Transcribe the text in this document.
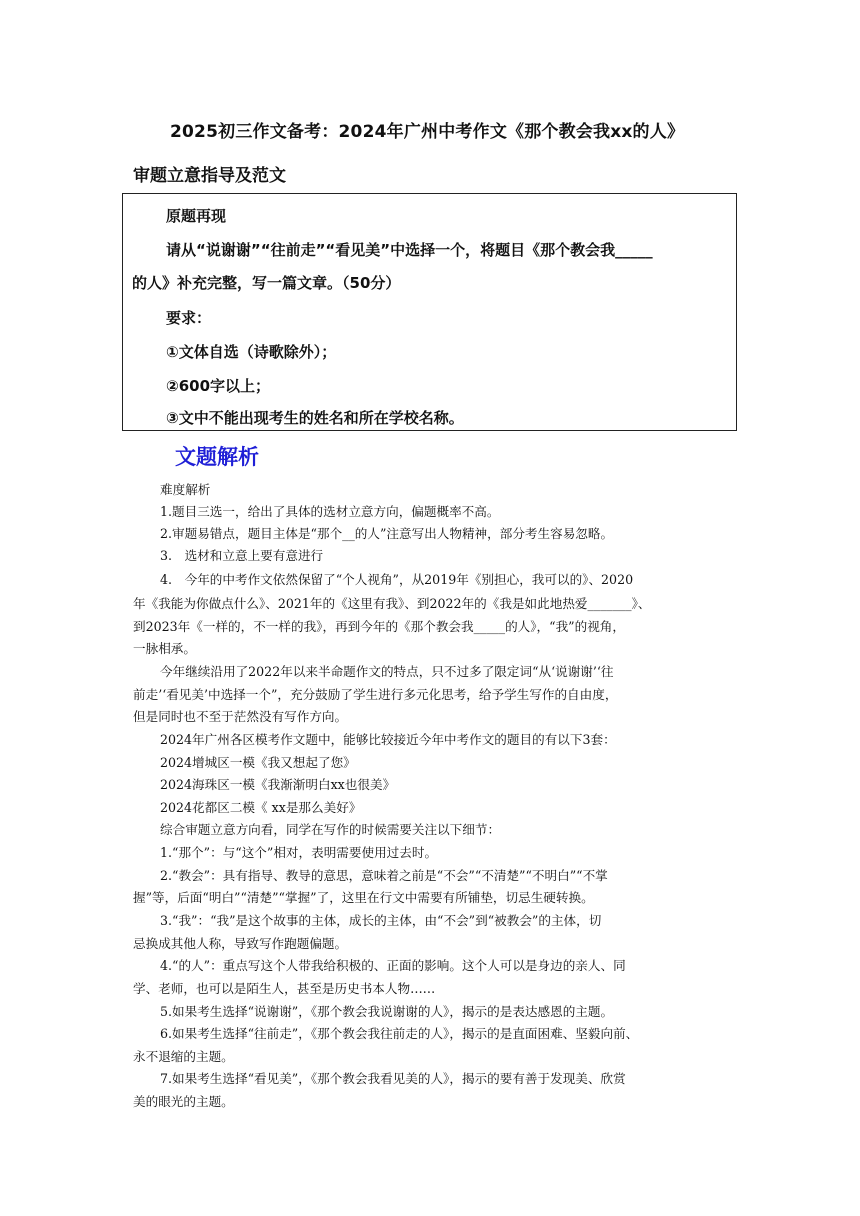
2025初三作文备考：2024年广州中考作文《那个教会我xx的人》
审题立意指导及范文
原题再现
请从“说谢谢”“往前走”“看见美”中选择一个，将题目《那个教会我_____
的人》补充完整，写一篇文章。（50分）
要求：
①文体自选（诗歌除外）；
②600字以上；
③文中不能出现考生的姓名和所在学校名称。
文题解析
难度解析
1.题目三选一，给出了具体的选材立意方向，偏题概率不高。
2.审题易错点，题目主体是“那个__的人”注意写出人物精神，部分考生容易忽略。
3.　选材和立意上要有意进行
4.　今年的中考作文依然保留了“个人视角”，从2019年《别担心，我可以的》、2020
年《我能为你做点什么》、2021年的《这里有我》、到2022年的《我是如此地热爱_______》、
到2023年《一样的，不一样的我》，再到今年的《那个教会我_____的人》，“我”的视角，
一脉相承。
今年继续沿用了2022年以来半命题作文的特点，只不过多了限定词“从‘说谢谢’‘往
前走’‘看见美’中选择一个”，充分鼓励了学生进行多元化思考，给予学生写作的自由度，
但是同时也不至于茫然没有写作方向。
2024年广州各区模考作文题中，能够比较接近今年中考作文的题目的有以下3套：
2024增城区一模《我又想起了您》
2024海珠区一模《我渐渐明白xx也很美》
2024花都区二模《 xx是那么美好》
综合审题立意方向看，同学在写作的时候需要关注以下细节：
1.“那个”：与“这个”相对，表明需要使用过去时。
2.“教会”：具有指导、教导的意思，意味着之前是“不会”“不清楚”“不明白”“不掌
握”等，后面“明白”“清楚”“掌握”了，这里在行文中需要有所铺垫，切忌生硬转换。
3.“我”：“我”是这个故事的主体，成长的主体，由“不会”到“被教会”的主体，切
忌换成其他人称，导致写作跑题偏题。
4.“的人”：重点写这个人带我给积极的、正面的影响。这个人可以是身边的亲人、同
学、老师，也可以是陌生人，甚至是历史书本人物……
5.如果考生选择“说谢谢”，《那个教会我说谢谢的人》，揭示的是表达感恩的主题。
6.如果考生选择“往前走”，《那个教会我往前走的人》，揭示的是直面困难、坚毅向前、
永不退缩的主题。
7.如果考生选择“看见美”，《那个教会我看见美的人》，揭示的要有善于发现美、欣赏
美的眼光的主题。
